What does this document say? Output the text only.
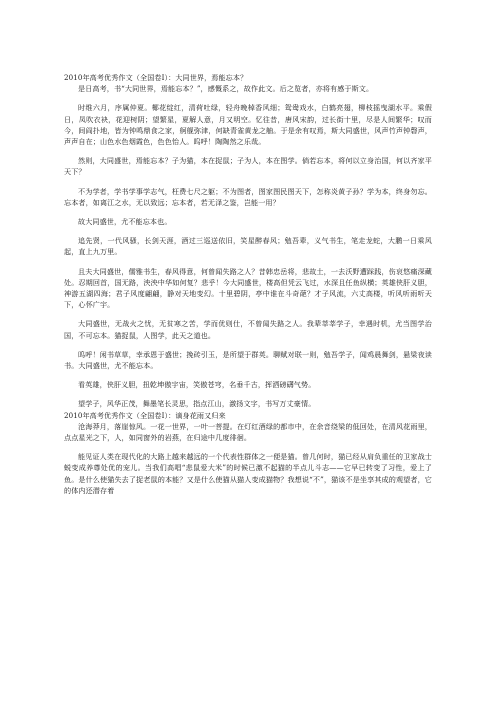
2010年高考优秀作文（全国卷Ⅰ）：大同世界，焉能忘本？

是日高考，书“大同世界，焉能忘本？”，感慨系之，故作此文。后之览者，亦将有感于斯文。

时维六月，序属仲夏。椰花绽红，清荷吐绿，轻舟晚棹香风细；鸳鸯戏水，白鹤亮翅，柳枝摇曳湖水平。乘假日，凤吹衣袂，花迎树阴；望繁星，夏解人意，月又明空。忆往昔，唐风宋韵，过长街十里，尽是人间繁华；叹而今，间阎扑地，皆为钟鸣鼎食之家，舸舰弥津，何缺青雀黄龙之舳。于是余有叹焉，斯大同盛世，风声竹声钟磬声，声声自在；山色水色烟霞色，色色怡人。呜呼！陶陶然之乐哉。

然则，大同盛世，焉能忘本？子为猫，本在捉鼠；子为人，本在图学。倘若忘本，将何以立身治国，何以齐家平天下？

不为学者，学书学事学志气，枉费七尺之躯；不为图者，图家图民图天下，怎称炎黄子孙？学为本，终身勿忘。忘本者，如离江之水，无以致远；忘本者，若无泽之鉴，岂能一用？

故大同盛世，尤不能忘本也。

追先贤，一代风骚，长剑天涯，酒过三巡送依旧，笑星醉春风；勉吾辈，义气书生，笔走龙蛇，大鹏一日乘风起，直上九万里。

且夫大同盛世，儒雅书生，春风得意，何曾闻失路之人？昔韩忠岳将，悲故土，一去沃野遭踩践，伤哀悠痛深藏处。忍期回首，国无路，泱泱中华如何复？悲乎！今大同盛世，楼高但凭云飞过，水深且任鱼纵横；英雄侠肝义胆，神游五湖四海；君子风度翩翩，静对天地变幻。十里碧阴，亭中谁在斗奇葩？才子风流，六丈高楼，听风听雨听天下，心怀广宇。

大同盛世，无战火之忧，无贫寒之苦，学而优则仕，不曾闻失路之人。我辈莘莘学子，幸遇时机，尤当图学治国，不可忘本。猫捉鼠，人图学，此天之道也。

呜呼！闲书草草，幸承恩于盛世；挽砖引玉，是所望于群英。聊赋对联一则，勉吾学子，闻鸡晨舞剑，悬梁夜读书。大同盛世，尤不能忘本。

看英雄，侠肝义胆，扭乾坤傲宇宙，笑傲苍穹，名垂千古，挥洒磅礴气势。

望学子，风华正茂，舞墨笔长灵思，指点江山，激扬文字，书写万丈豪情。

2010年高考优秀作文（全国卷Ⅰ）：谪身花雨又归来

沧海莽月，落崖惊风。一花一世界，一叶一菩提。在灯红酒绿的都市中，在余音绕梁的低回处，在清风花雨里，点点星光之下，人，如同窗外的岩燕，在归途中几度徘徊。

能见证人类在现代化的大路上越来越远的一个代表性群体之一便是猫。曾几何时，猫已经从肩负重任的卫家战士蜕变成养尊处优的宠儿。当我们高唱“悲鼠爱大米”的时候已激不起猫的半点儿斗志——它早已转变了习性，爱上了鱼。是什么使猫失去了捉老鼠的本能？又是什么使猫从猫人变成猫物？我想说“不”，猫该不是坐享其成的观望者，它的体内还潜存着
